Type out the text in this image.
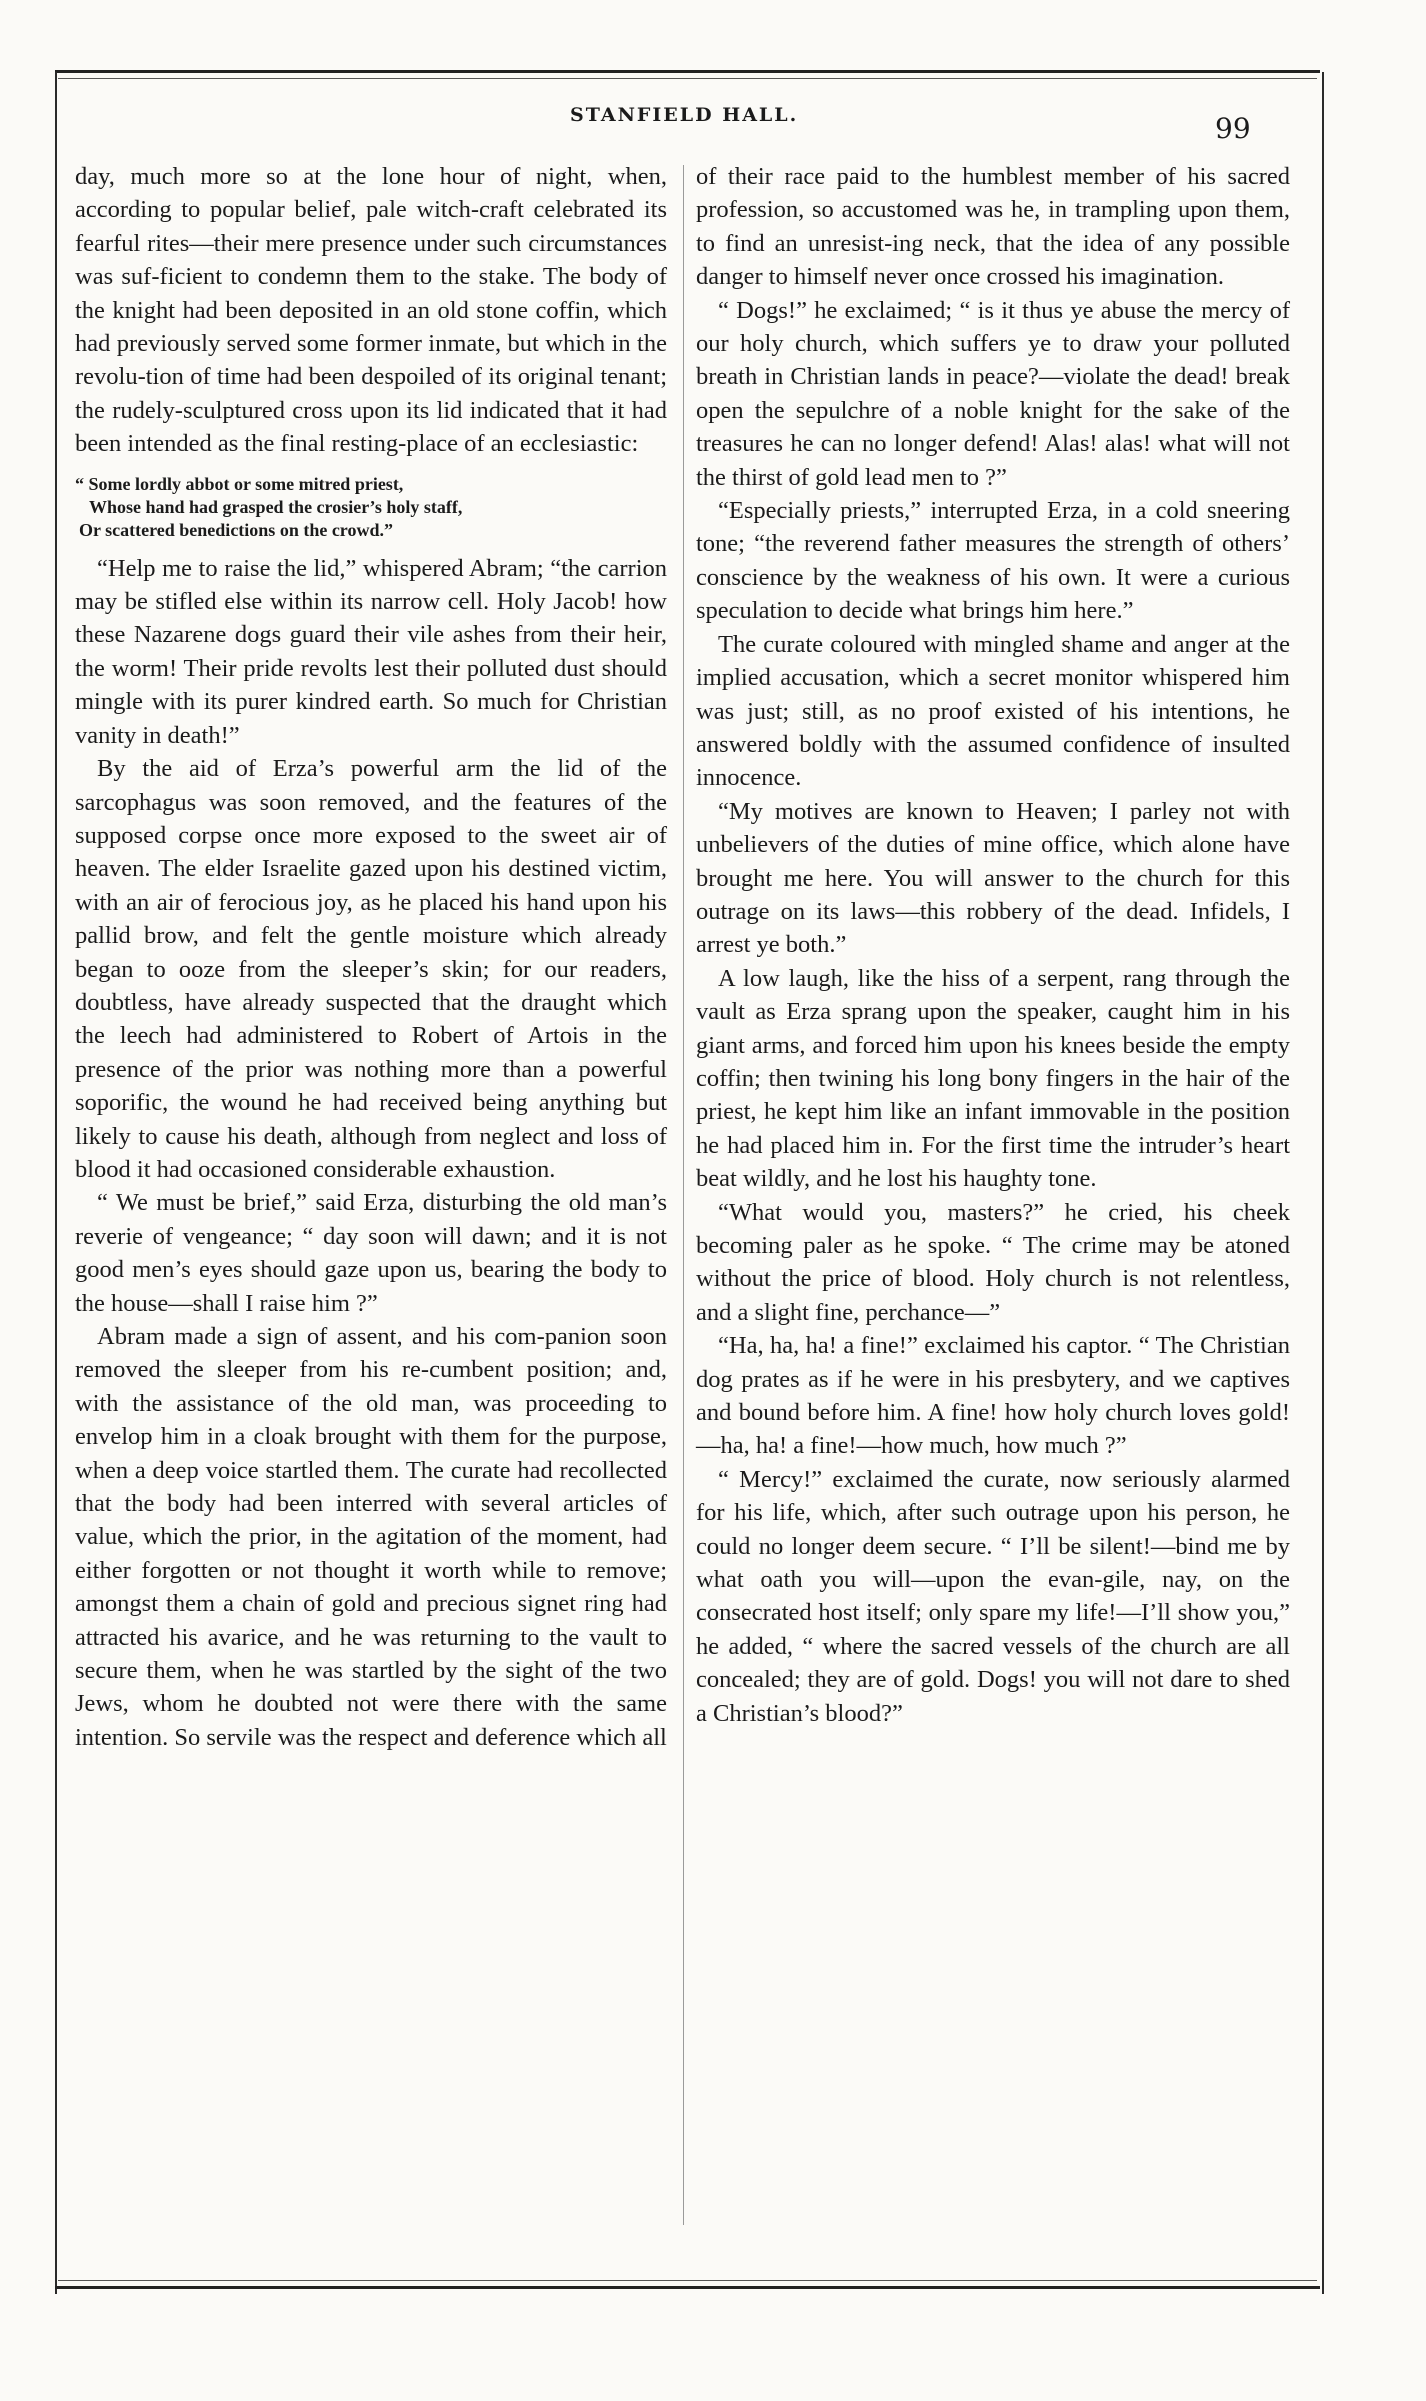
STANFIELD HALL.	99

day, much more so at the lone hour of night, when, according to popular belief, pale witch-craft celebrated its fearful rites—their mere presence under such circumstances was suf-ficient to condemn them to the stake. The body of the knight had been deposited in an old stone coffin, which had previously served some former inmate, but which in the revolu-tion of time had been despoiled of its original tenant; the rudely-sculptured cross upon its lid indicated that it had been intended as the final resting-place of an ecclesiastic:

“ Some lordly abbot or some mitred priest,
Whose hand had grasped the crosier’s holy staff,
Or scattered benedictions on the crowd.”

“Help me to raise the lid,” whispered Abram; “the carrion may be stifled else within its narrow cell. Holy Jacob! how these Nazarene dogs guard their vile ashes from their heir, the worm! Their pride revolts lest their polluted dust should mingle with its purer kindred earth. So much for Christian vanity in death!”

By the aid of Erza’s powerful arm the lid of the sarcophagus was soon removed, and the features of the supposed corpse once more exposed to the sweet air of heaven. The elder Israelite gazed upon his destined victim, with an air of ferocious joy, as he placed his hand upon his pallid brow, and felt the gentle moisture which already began to ooze from the sleeper’s skin; for our readers, doubtless, have already suspected that the draught which the leech had administered to Robert of Artois in the presence of the prior was nothing more than a powerful soporific, the wound he had received being anything but likely to cause his death, although from neglect and loss of blood it had occasioned considerable exhaustion.

“ We must be brief,” said Erza, disturbing the old man’s reverie of vengeance; “ day soon will dawn; and it is not good men’s eyes should gaze upon us, bearing the body to the house—shall I raise him ?”

Abram made a sign of assent, and his com-panion soon removed the sleeper from his re-cumbent position; and, with the assistance of the old man, was proceeding to envelop him in a cloak brought with them for the purpose, when a deep voice startled them. The curate had recollected that the body had been interred with several articles of value, which the prior, in the agitation of the moment, had either forgotten or not thought it worth while to remove; amongst them a chain of gold and precious signet ring had attracted his avarice, and he was returning to the vault to secure them, when he was startled by the sight of the two Jews, whom he doubted not were there with the same intention. So servile was the respect and deference which all

of their race paid to the humblest member of his sacred profession, so accustomed was he, in trampling upon them, to find an unresist-ing neck, that the idea of any possible danger to himself never once crossed his imagination.

“ Dogs!” he exclaimed; “ is it thus ye abuse the mercy of our holy church, which suffers ye to draw your polluted breath in Christian lands in peace?—violate the dead! break open the sepulchre of a noble knight for the sake of the treasures he can no longer defend! Alas! alas! what will not the thirst of gold lead men to ?”

“Especially priests,” interrupted Erza, in a cold sneering tone; “the reverend father measures the strength of others’ conscience by the weakness of his own. It were a curious speculation to decide what brings him here.”

The curate coloured with mingled shame and anger at the implied accusation, which a secret monitor whispered him was just; still, as no proof existed of his intentions, he answered boldly with the assumed confidence of insulted innocence.

“My motives are known to Heaven; I parley not with unbelievers of the duties of mine office, which alone have brought me here. You will answer to the church for this outrage on its laws—this robbery of the dead. Infidels, I arrest ye both.”

A low laugh, like the hiss of a serpent, rang through the vault as Erza sprang upon the speaker, caught him in his giant arms, and forced him upon his knees beside the empty coffin; then twining his long bony fingers in the hair of the priest, he kept him like an infant immovable in the position he had placed him in. For the first time the intruder’s heart beat wildly, and he lost his haughty tone.

“What would you, masters?” he cried, his cheek becoming paler as he spoke. “ The crime may be atoned without the price of blood. Holy church is not relentless, and a slight fine, perchance—”

“Ha, ha, ha! a fine!” exclaimed his captor. “ The Christian dog prates as if he were in his presbytery, and we captives and bound before him. A fine! how holy church loves gold!—ha, ha! a fine!—how much, how much ?”

“ Mercy!” exclaimed the curate, now seriously alarmed for his life, which, after such outrage upon his person, he could no longer deem secure. “ I’ll be silent!—bind me by what oath you will—upon the evan-gile, nay, on the consecrated host itself; only spare my life!—I’ll show you,” he added, “ where the sacred vessels of the church are all concealed; they are of gold. Dogs! you will not dare to shed a Christian’s blood?”
